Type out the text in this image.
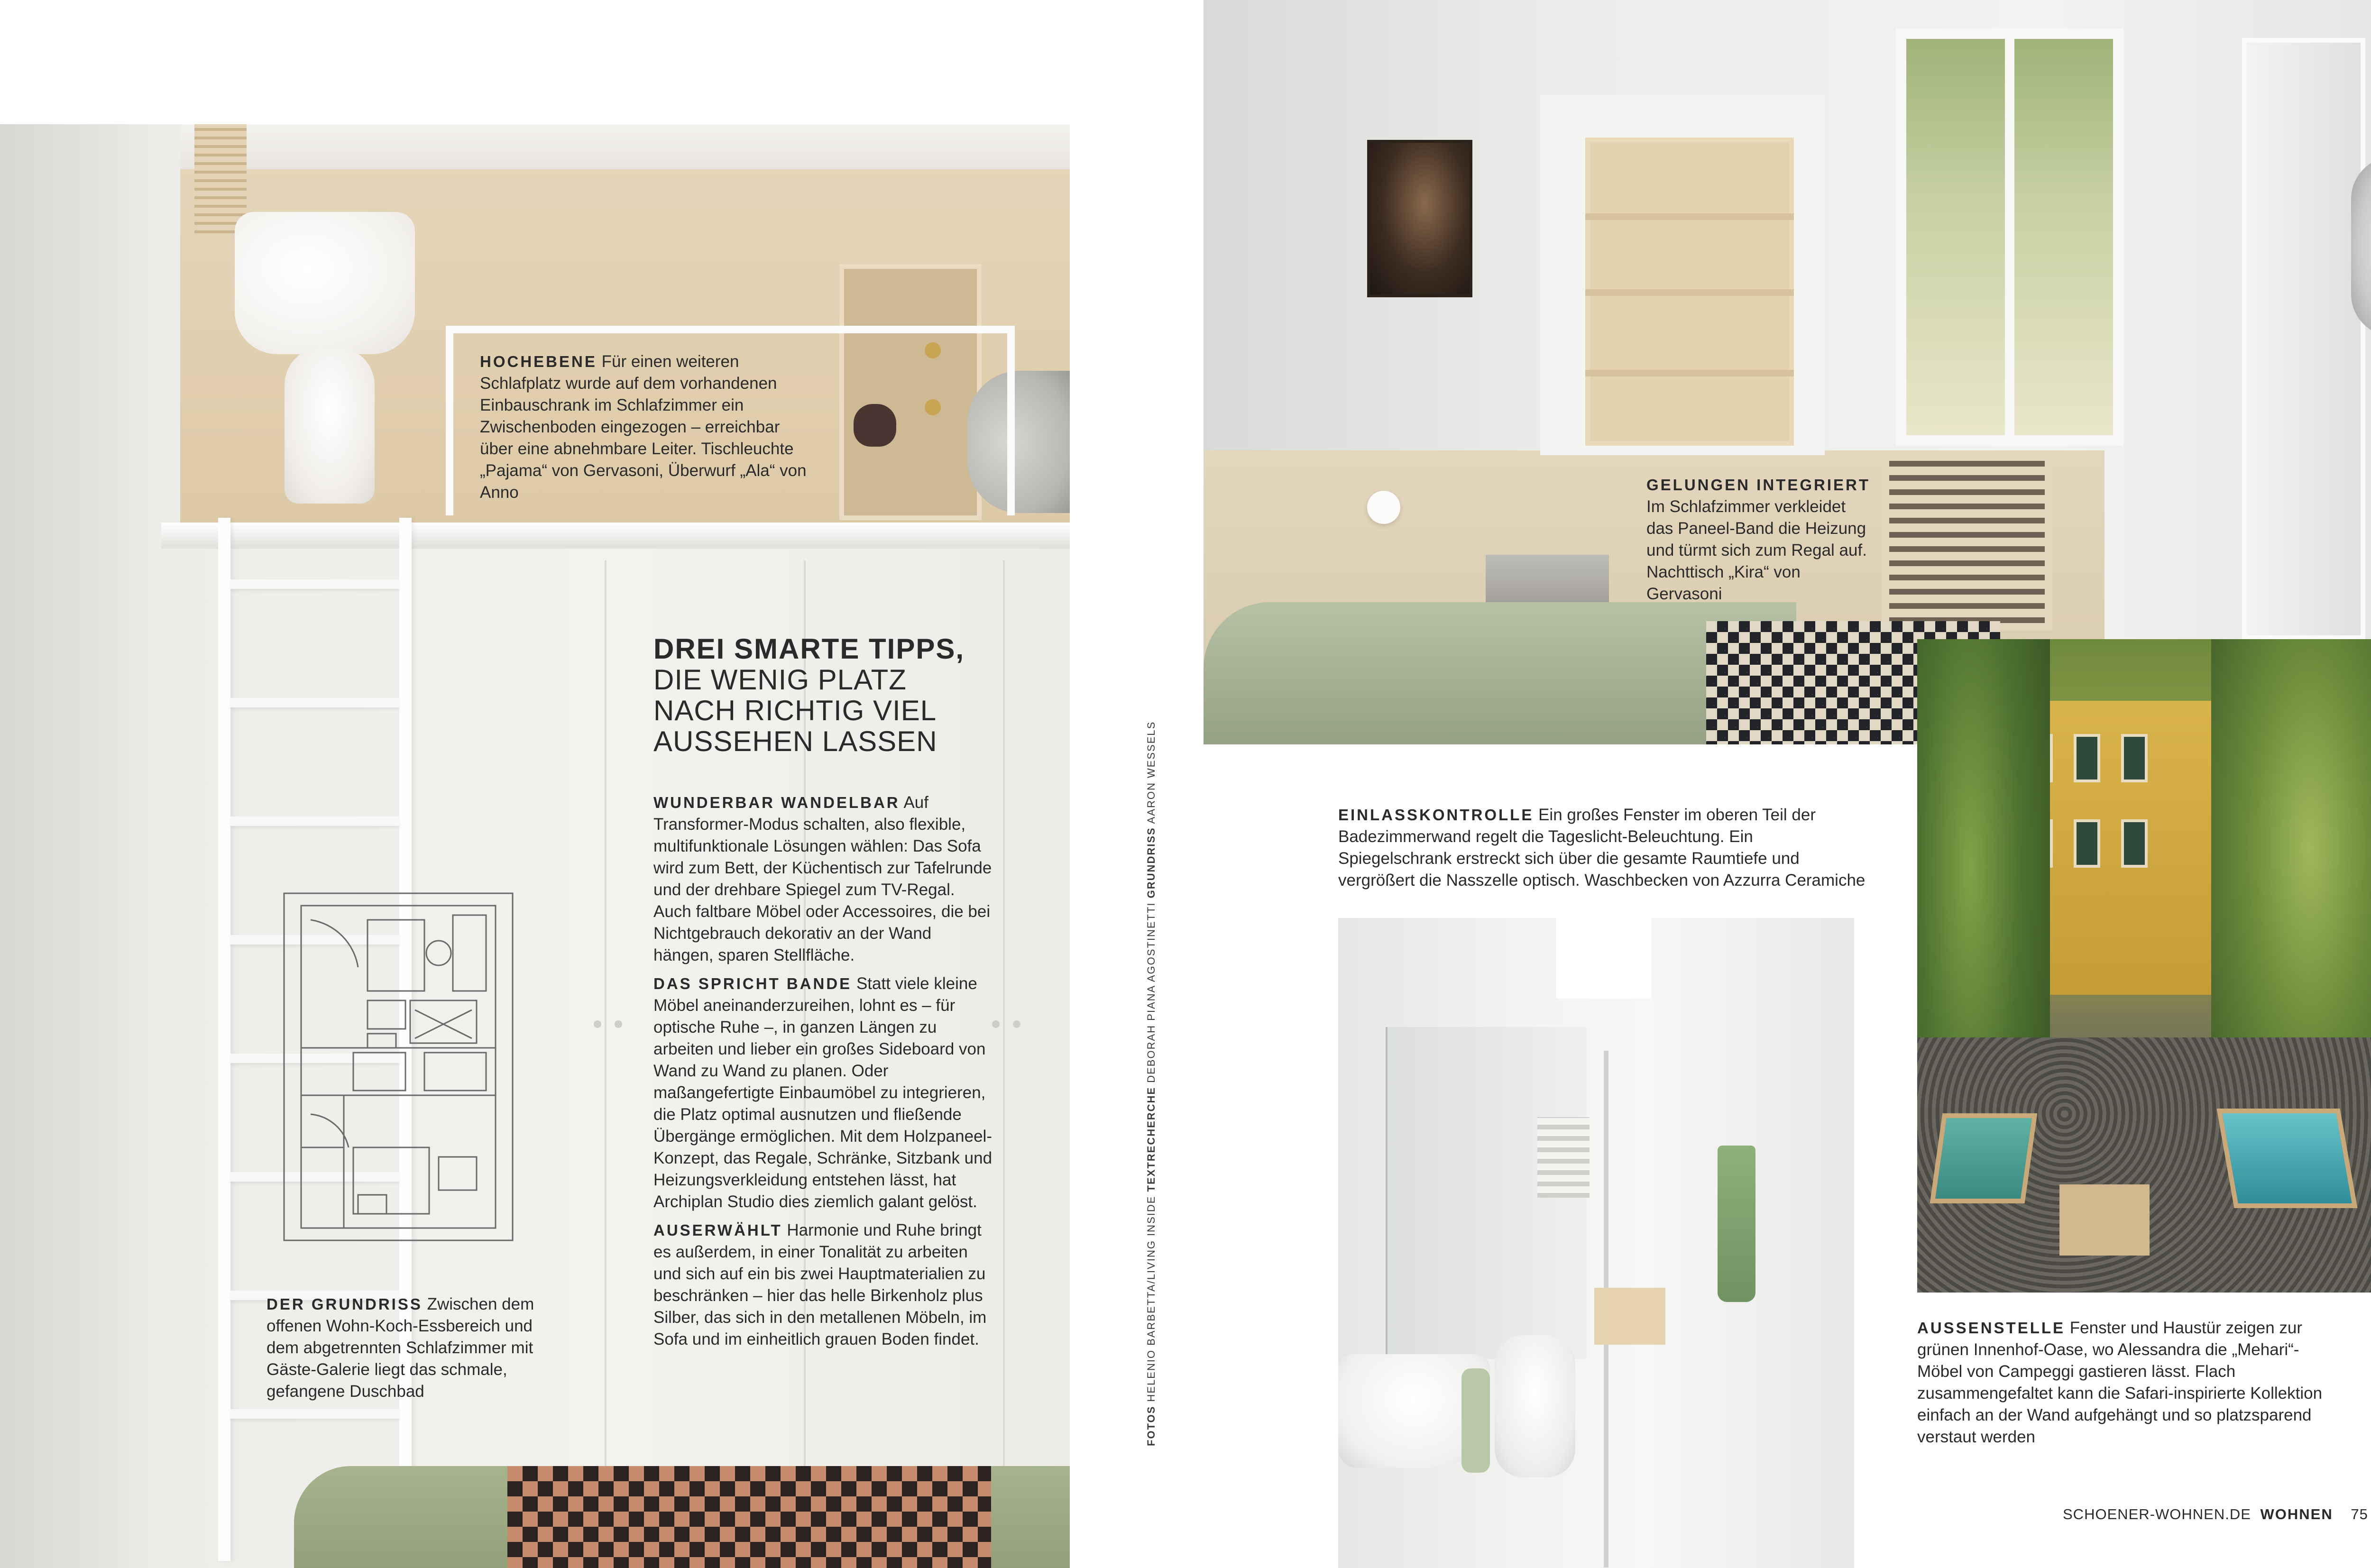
HOCHEBENE Für einen weiteren Schlafplatz wurde auf dem vorhandenen Einbauschrank im Schlafzimmer ein Zwischenboden eingezogen – erreichbar über eine abnehmbare Leiter. Tischleuchte „Pajama“ von Gervasoni, Überwurf „Ala“ von Anno

DREI SMARTE TIPPS,
DIE WENIG PLATZ NACH RICHTIG VIEL AUSSEHEN LASSEN

WUNDERBAR WANDELBAR Auf Transformer-Modus schalten, also flexible, multifunktionale Lösungen wählen: Das Sofa wird zum Bett, der Küchentisch zur Tafelrunde und der drehbare Spiegel zum TV-Regal. Auch faltbare Möbel oder Accessoires, die bei Nichtgebrauch dekorativ an der Wand hängen, sparen Stellfläche.

DAS SPRICHT BANDE Statt viele kleine Möbel aneinanderzureihen, lohnt es – für optische Ruhe –, in ganzen Längen zu arbeiten und lieber ein großes Sideboard von Wand zu Wand zu planen. Oder maßangefertigte Einbaumöbel zu integrieren, die Platz optimal ausnutzen und fließende Übergänge ermöglichen. Mit dem Holzpaneel-Konzept, das Regale, Schränke, Sitzbank und Heizungsverkleidung entstehen lässt, hat Archiplan Studio dies ziemlich galant gelöst.

AUSERWÄHLT Harmonie und Ruhe bringt es außerdem, in einer Tonalität zu arbeiten und sich auf ein bis zwei Hauptmaterialien zu beschränken – hier das helle Birkenholz plus Silber, das sich in den metallenen Möbeln, im Sofa und im einheitlich grauen Boden findet.

DER GRUNDRISS Zwischen dem offenen Wohn-Koch-Essbereich und dem abgetrennten Schlafzimmer mit Gäste-Galerie liegt das schmale, gefangene Duschbad

FOTOS HELENIO BARBETTA/LIVING INSIDE TEXTRECHERCHE DEBORAH PIANA AGOSTINETTI GRUNDRISS AARON WESSELS

GELUNGEN INTEGRIERT Im Schlafzimmer verkleidet das Paneel-Band die Heizung und türmt sich zum Regal auf. Nachttisch „Kira“ von Gervasoni

EINLASSKONTROLLE Ein großes Fenster im oberen Teil der Badezimmerwand regelt die Tageslicht-Beleuchtung. Ein Spiegelschrank erstreckt sich über die gesamte Raumtiefe und vergrößert die Nasszelle optisch. Waschbecken von Azzurra Ceramiche

AUSSENSTELLE Fenster und Haustür zeigen zur grünen Innenhof-Oase, wo Alessandra die „Mehari“-Möbel von Campeggi gastieren lässt. Flach zusammengefaltet kann die Safari-inspirierte Kollektion einfach an der Wand aufgehängt und so platzsparend verstaut werden

SCHOENER-WOHNEN.DE WOHNEN 75
